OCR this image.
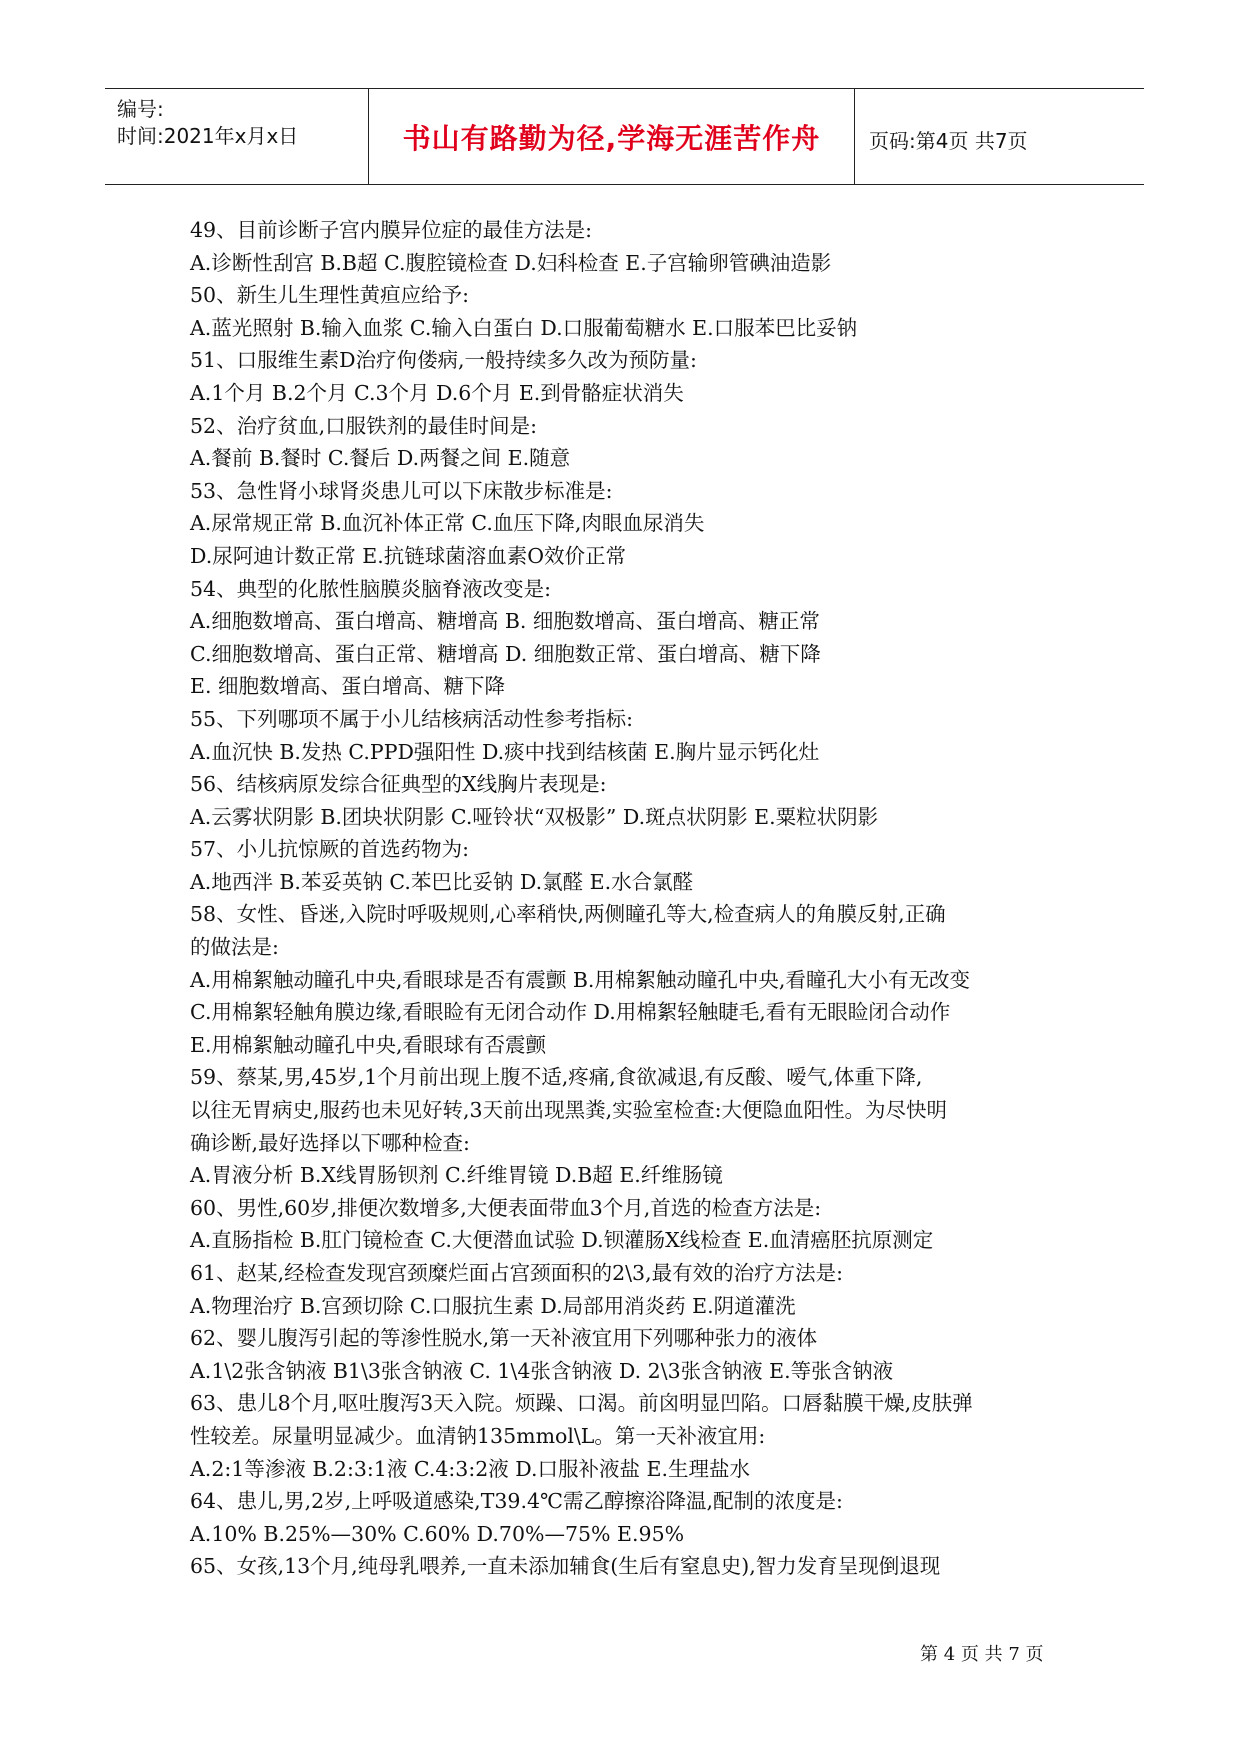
编号:
时间:2021年x月x日	书山有路勤为径,学海无涯苦作舟	页码:第4页 共7页
49、目前诊断子宫内膜异位症的最佳方法是:
A.诊断性刮宫 B.B超 C.腹腔镜检查 D.妇科检查 E.子宫输卵管碘油造影
50、新生儿生理性黄疸应给予:
A.蓝光照射 B.输入血浆 C.输入白蛋白 D.口服葡萄糖水 E.口服苯巴比妥钠
51、口服维生素D治疗佝偻病,一般持续多久改为预防量:
A.1个月 B.2个月 C.3个月 D.6个月 E.到骨骼症状消失
52、治疗贫血,口服铁剂的最佳时间是:
A.餐前 B.餐时 C.餐后 D.两餐之间 E.随意
53、急性肾小球肾炎患儿可以下床散步标准是:
A.尿常规正常 B.血沉补体正常 C.血压下降,肉眼血尿消失
D.尿阿迪计数正常 E.抗链球菌溶血素O效价正常
54、典型的化脓性脑膜炎脑脊液改变是:
A.细胞数增高、蛋白增高、糖增高 B. 细胞数增高、蛋白增高、糖正常
C.细胞数增高、蛋白正常、糖增高 D. 细胞数正常、蛋白增高、糖下降
E. 细胞数增高、蛋白增高、糖下降
55、下列哪项不属于小儿结核病活动性参考指标:
A.血沉快 B.发热 C.PPD强阳性 D.痰中找到结核菌 E.胸片显示钙化灶
56、结核病原发综合征典型的X线胸片表现是:
A.云雾状阴影 B.团块状阴影 C.哑铃状“双极影” D.斑点状阴影 E.粟粒状阴影
57、小儿抗惊厥的首选药物为:
A.地西泮 B.苯妥英钠 C.苯巴比妥钠 D.氯醛 E.水合氯醛
58、女性、昏迷,入院时呼吸规则,心率稍快,两侧瞳孔等大,检查病人的角膜反射,正确
的做法是:
A.用棉絮触动瞳孔中央,看眼球是否有震颤 B.用棉絮触动瞳孔中央,看瞳孔大小有无改变
C.用棉絮轻触角膜边缘,看眼睑有无闭合动作 D.用棉絮轻触睫毛,看有无眼睑闭合动作
E.用棉絮触动瞳孔中央,看眼球有否震颤
59、蔡某,男,45岁,1个月前出现上腹不适,疼痛,食欲减退,有反酸、嗳气,体重下降,
以往无胃病史,服药也未见好转,3天前出现黑粪,实验室检查:大便隐血阳性。为尽快明
确诊断,最好选择以下哪种检查:
A.胃液分析 B.X线胃肠钡剂 C.纤维胃镜 D.B超 E.纤维肠镜
60、男性,60岁,排便次数增多,大便表面带血3个月,首选的检查方法是:
A.直肠指检 B.肛门镜检查 C.大便潜血试验 D.钡灌肠X线检查 E.血清癌胚抗原测定
61、赵某,经检查发现宫颈糜烂面占宫颈面积的2\3,最有效的治疗方法是:
A.物理治疗 B.宫颈切除 C.口服抗生素 D.局部用消炎药 E.阴道灌洗
62、婴儿腹泻引起的等渗性脱水,第一天补液宜用下列哪种张力的液体
A.1\2张含钠液 B1\3张含钠液 C. 1\4张含钠液 D. 2\3张含钠液 E.等张含钠液
63、患儿8个月,呕吐腹泻3天入院。烦躁、口渴。前囟明显凹陷。口唇黏膜干燥,皮肤弹
性较差。尿量明显减少。血清钠135mmol\L。第一天补液宜用:
A.2:1等渗液 B.2:3:1液 C.4:3:2液 D.口服补液盐 E.生理盐水
64、患儿,男,2岁,上呼吸道感染,T39.4℃需乙醇擦浴降温,配制的浓度是:
A.10% B.25%—30% C.60% D.70%—75% E.95%
65、女孩,13个月,纯母乳喂养,一直未添加辅食(生后有窒息史),智力发育呈现倒退现
第 4 页 共 7 页
